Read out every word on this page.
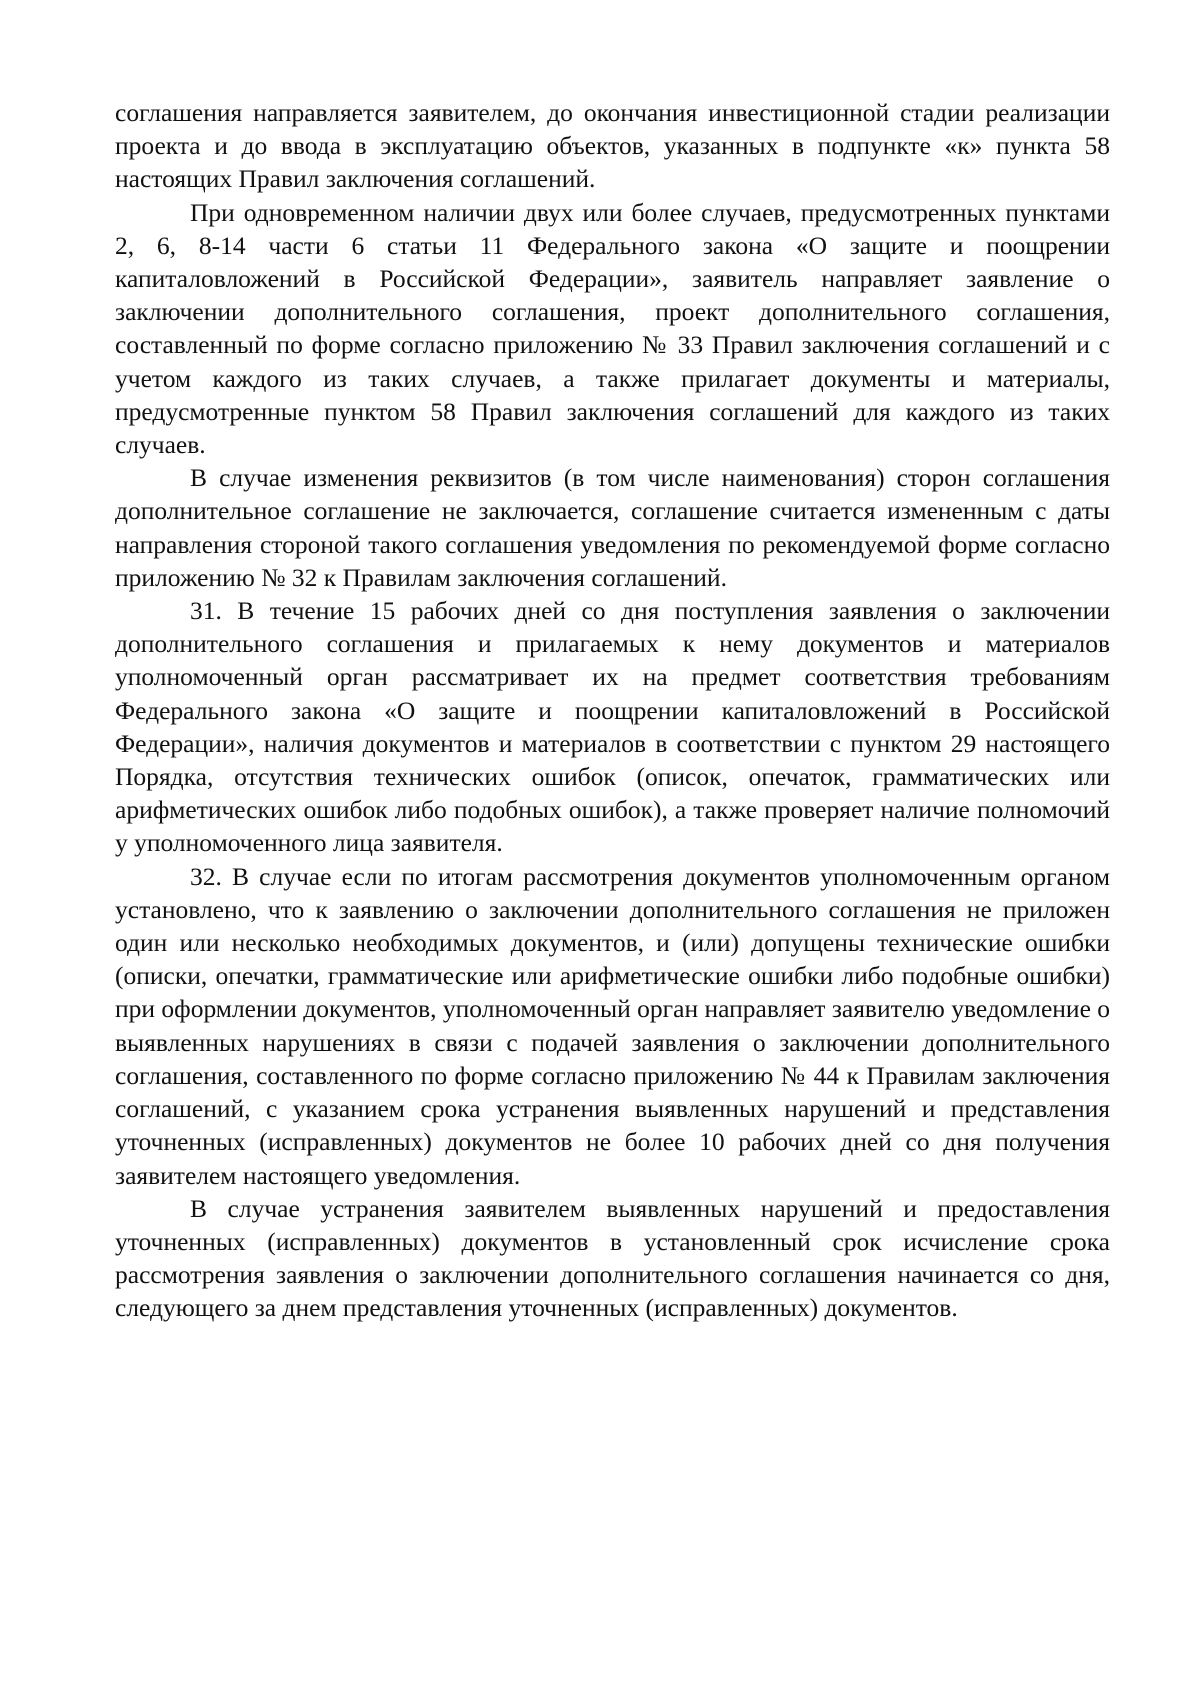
соглашения направляется заявителем, до окончания инвестиционной стадии реализации проекта и до ввода в эксплуатацию объектов, указанных в подпункте «к» пункта 58 настоящих Правил заключения соглашений.

При одновременном наличии двух или более случаев, предусмотренных пунктами 2, 6, 8-14 части 6 статьи 11 Федерального закона «О защите и поощрении капиталовложений в Российской Федерации», заявитель направляет заявление о заключении дополнительного соглашения, проект дополнительного соглашения, составленный по форме согласно приложению № 33 Правил заключения соглашений и с учетом каждого из таких случаев, а также прилагает документы и материалы, предусмотренные пунктом 58 Правил заключения соглашений для каждого из таких случаев.

В случае изменения реквизитов (в том числе наименования) сторон соглашения дополнительное соглашение не заключается, соглашение считается измененным с даты направления стороной такого соглашения уведомления по рекомендуемой форме согласно приложению № 32 к Правилам заключения соглашений.

31. В течение 15 рабочих дней со дня поступления заявления о заключении дополнительного соглашения и прилагаемых к нему документов и материалов уполномоченный орган рассматривает их на предмет соответствия требованиям Федерального закона «О защите и поощрении капиталовложений в Российской Федерации», наличия документов и материалов в соответствии с пунктом 29 настоящего Порядка, отсутствия технических ошибок (описок, опечаток, грамматических или арифметических ошибок либо подобных ошибок), а также проверяет наличие полномочий у уполномоченного лица заявителя.

32. В случае если по итогам рассмотрения документов уполномоченным органом установлено, что к заявлению о заключении дополнительного соглашения не приложен один или несколько необходимых документов, и (или) допущены технические ошибки (описки, опечатки, грамматические или арифметические ошибки либо подобные ошибки) при оформлении документов, уполномоченный орган направляет заявителю уведомление о выявленных нарушениях в связи с подачей заявления о заключении дополнительного соглашения, составленного по форме согласно приложению № 44 к Правилам заключения соглашений, с указанием срока устранения выявленных нарушений и представления уточненных (исправленных) документов не более 10 рабочих дней со дня получения заявителем настоящего уведомления.

В случае устранения заявителем выявленных нарушений и предоставления уточненных (исправленных) документов в установленный срок исчисление срока рассмотрения заявления о заключении дополнительного соглашения начинается со дня, следующего за днем представления уточненных (исправленных) документов.
